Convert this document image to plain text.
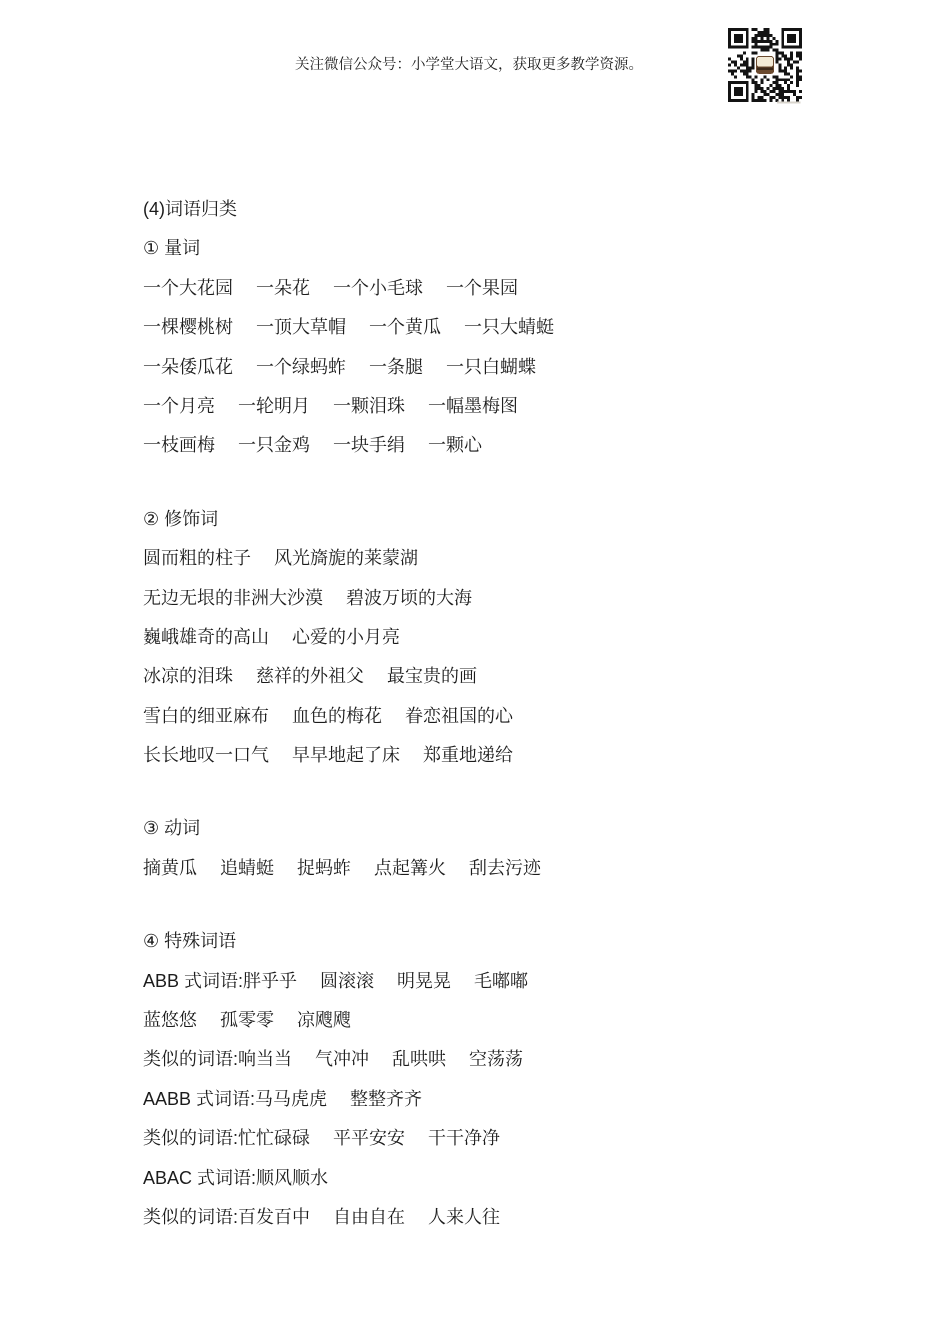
关注微信公众号：小学堂大语文，获取更多教学资源。

(4)词语归类

① 量词

一个大花园　 一朵花　 一个小毛球　 一个果园

一棵樱桃树　 一顶大草帽　 一个黄瓜　 一只大蜻蜓

一朵倭瓜花　 一个绿蚂蚱　 一条腿　 一只白蝴蝶

一个月亮　 一轮明月　 一颗泪珠　 一幅墨梅图

一枝画梅　 一只金鸡　 一块手绢　 一颗心

② 修饰词

圆而粗的柱子　 风光旖旎的莱蒙湖

无边无垠的非洲大沙漠　 碧波万顷的大海

巍峨雄奇的高山　 心爱的小月亮

冰凉的泪珠　 慈祥的外祖父　 最宝贵的画

雪白的细亚麻布　 血色的梅花　 眷恋祖国的心

长长地叹一口气　 早早地起了床　 郑重地递给

③ 动词

摘黄瓜　 追蜻蜓　 捉蚂蚱　 点起篝火　 刮去污迹

④ 特殊词语

ABB 式词语:胖乎乎　 圆滚滚　 明晃晃　 毛嘟嘟

蓝悠悠　 孤零零　 凉飕飕

类似的词语:响当当　 气冲冲　 乱哄哄　 空荡荡

AABB 式词语:马马虎虎　 整整齐齐

类似的词语:忙忙碌碌　 平平安安　 干干净净

ABAC 式词语:顺风顺水

类似的词语:百发百中　 自由自在　 人来人往
